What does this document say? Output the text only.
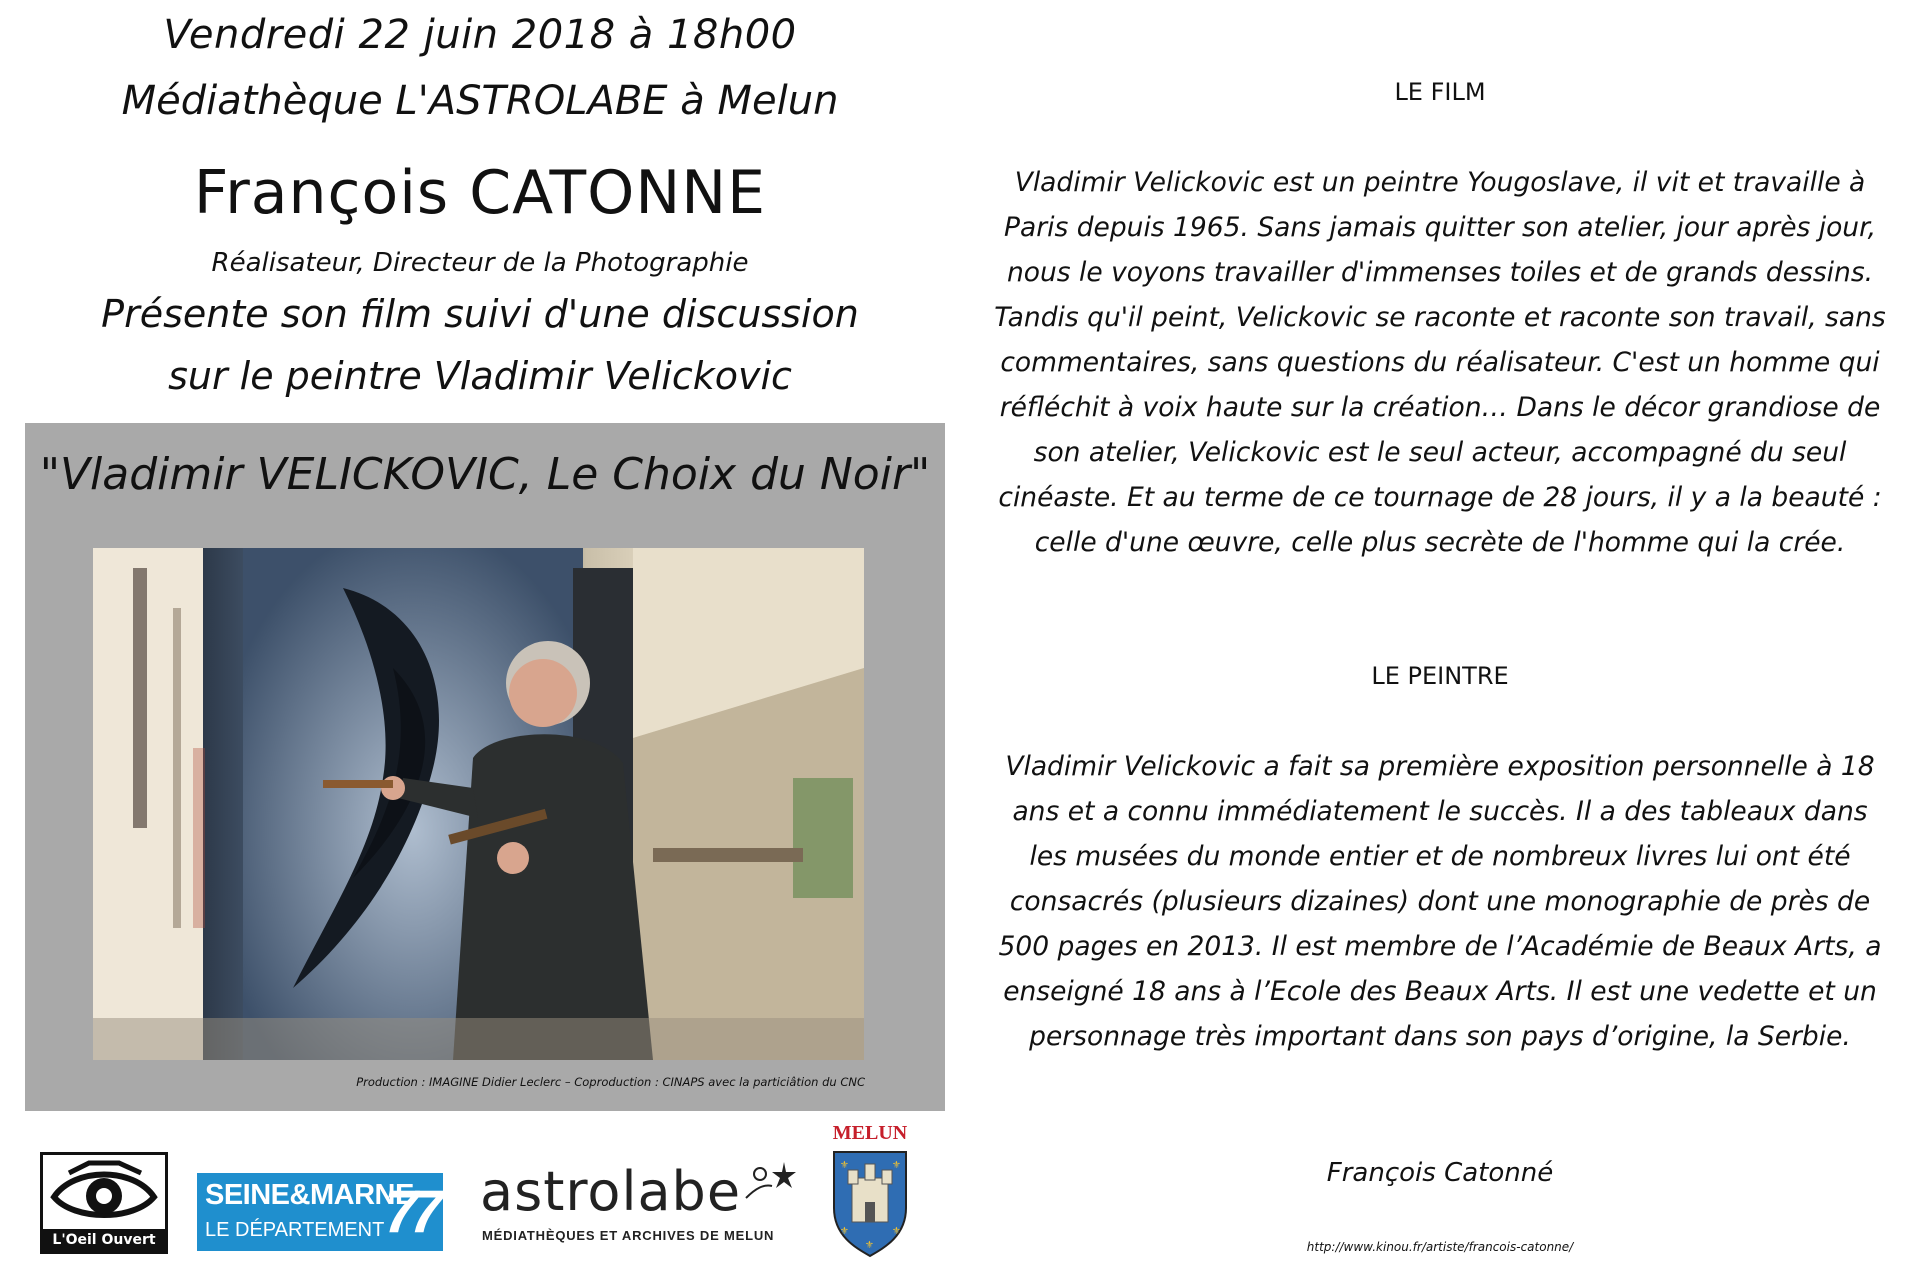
Vendredi 22 juin 2018 à 18h00
Médiathèque L'ASTROLABE à Melun
François CATONNE
Réalisateur, Directeur de la Photographie
Présente son film suivi d'une discussion
sur le peintre Vladimir Velickovic
"Vladimir VELICKOVIC, Le Choix du Noir"
Production : IMAGINE Didier Leclerc – Coproduction : CINAPS avec la particiâtion du CNC
L'Oeil Ouvert
SEINE&MARNE
LE DÉPARTEMENT 77 astrolabe
MÉDIATHÈQUES ET ARCHIVES DE MELUN
MELUN
⚜	⚜
⚜	⚜
⚜
LE FILM
Vladimir Velickovic est un peintre Yougoslave, il vit et travaille à Paris depuis 1965. Sans jamais quitter son atelier, jour après jour, nous le voyons travailler d'immenses toiles et de grands dessins. Tandis qu'il peint, Velickovic se raconte et raconte son travail, sans commentaires, sans questions du réalisateur. C'est un homme qui réfléchit à voix haute sur la création… Dans le décor grandiose de son atelier, Velickovic est le seul acteur, accompagné du seul cinéaste. Et au terme de ce tournage de 28 jours, il y a la beauté : celle d'une œuvre, celle plus secrète de l'homme qui la crée.
LE PEINTRE
Vladimir Velickovic a fait sa première exposition personnelle à 18 ans et a connu immédiatement le succès. Il a des tableaux dans les musées du monde entier et de nombreux livres lui ont été consacrés (plusieurs dizaines) dont une monographie de près de 500 pages en 2013. Il est membre de l’Académie de Beaux Arts, a enseigné 18 ans à l’Ecole des Beaux Arts. Il est une vedette et un personnage très important dans son pays d’origine, la Serbie.
François Catonné
http://www.kinou.fr/artiste/francois-catonne/
